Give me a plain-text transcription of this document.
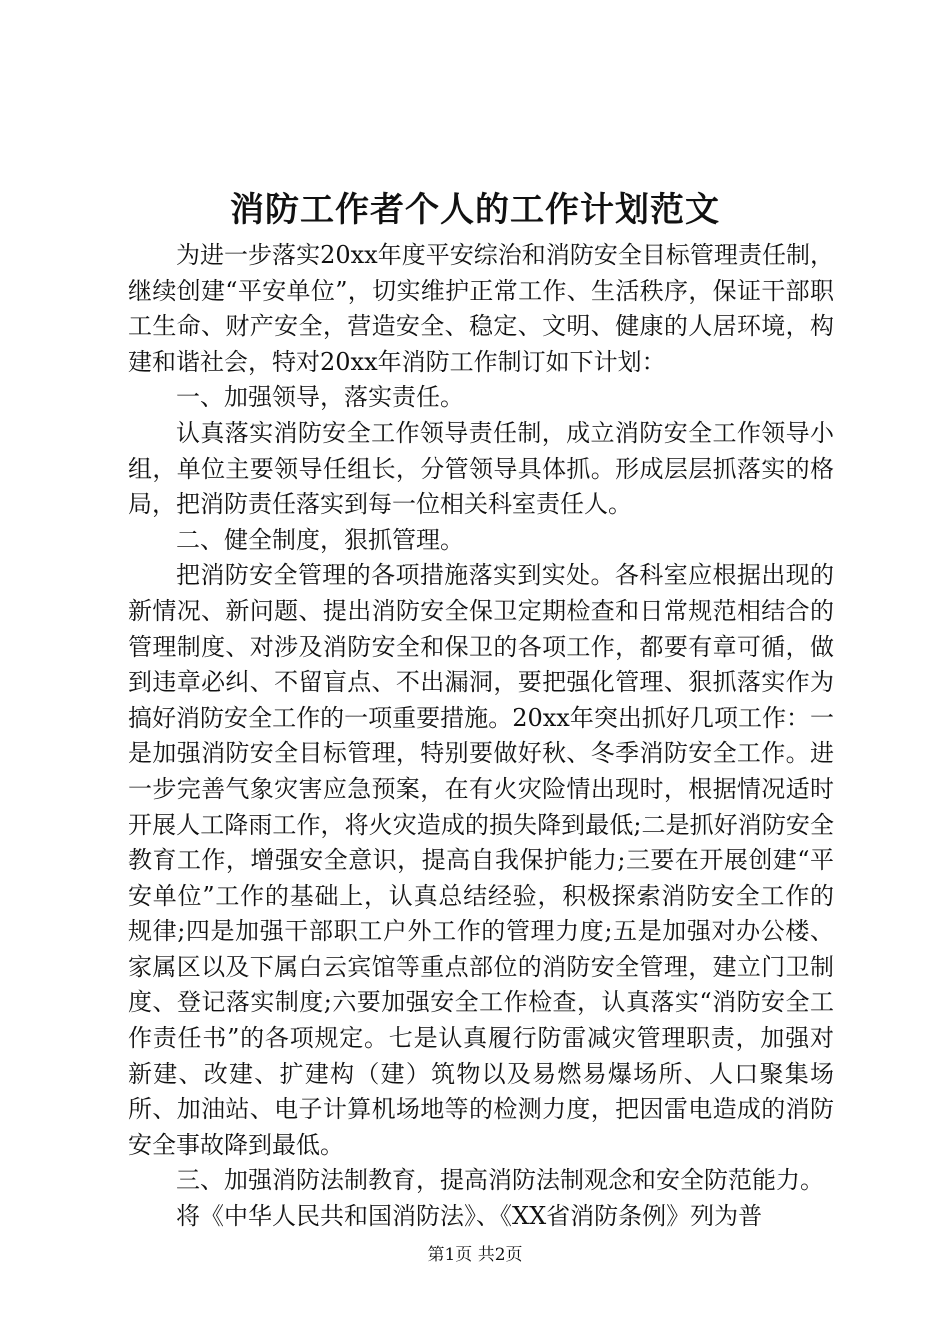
消防工作者个人的工作计划范文

为进一步落实20xx年度平安综治和消防安全目标管理责任制，继续创建“平安单位”，切实维护正常工作、生活秩序，保证干部职工生命、财产安全，营造安全、稳定、文明、健康的人居环境，构建和谐社会，特对20xx年消防工作制订如下计划：

一、加强领导，落实责任。

认真落实消防安全工作领导责任制，成立消防安全工作领导小组，单位主要领导任组长，分管领导具体抓。形成层层抓落实的格局，把消防责任落实到每一位相关科室责任人。

二、健全制度，狠抓管理。

把消防安全管理的各项措施落实到实处。各科室应根据出现的新情况、新问题、提出消防安全保卫定期检查和日常规范相结合的管理制度、对涉及消防安全和保卫的各项工作，都要有章可循，做到违章必纠、不留盲点、不出漏洞，要把强化管理、狠抓落实作为搞好消防安全工作的一项重要措施。20xx年突出抓好几项工作：一是加强消防安全目标管理，特别要做好秋、冬季消防安全工作。进一步完善气象灾害应急预案，在有火灾险情出现时，根据情况适时开展人工降雨工作，将火灾造成的损失降到最低;二是抓好消防安全教育工作，增强安全意识，提高自我保护能力;三要在开展创建“平安单位”工作的基础上，认真总结经验，积极探索消防安全工作的规律;四是加强干部职工户外工作的管理力度;五是加强对办公楼、家属区以及下属白云宾馆等重点部位的消防安全管理，建立门卫制度、登记落实制度;六要加强安全工作检查，认真落实“消防安全工作责任书”的各项规定。七是认真履行防雷减灾管理职责，加强对新建、改建、扩建构（建）筑物以及易燃易爆场所、人口聚集场所、加油站、电子计算机场地等的检测力度，把因雷电造成的消防安全事故降到最低。

三、加强消防法制教育，提高消防法制观念和安全防范能力。

将《中华人民共和国消防法》、《XX省消防条例》列为普

第1页 共2页
